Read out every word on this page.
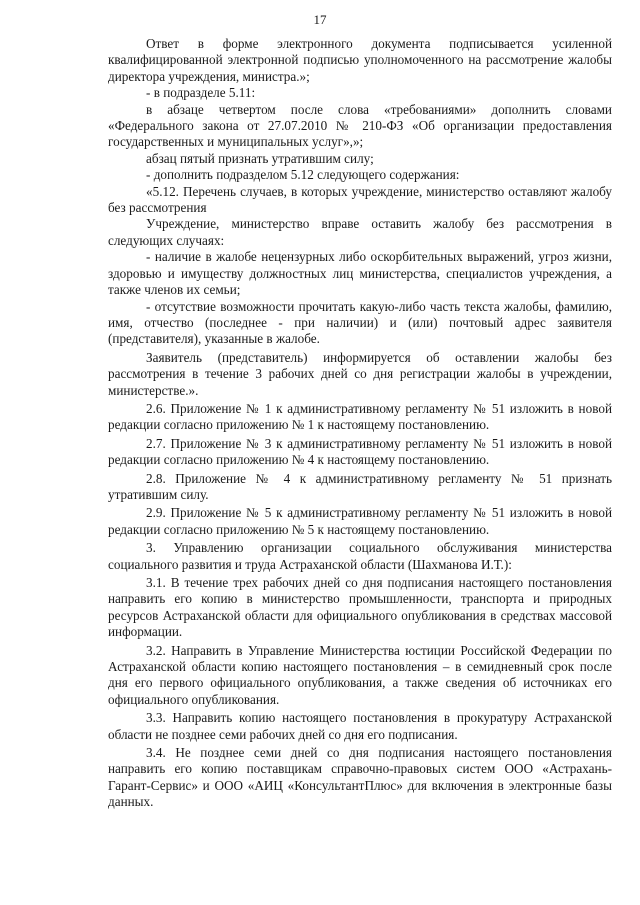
17

Ответ в форме электронного документа подписывается усиленной квалифицированной электронной подписью уполномоченного на рассмотрение жалобы директора учреждения, министра.»;

- в подразделе 5.11:

в абзаце четвертом после слова «требованиями» дополнить словами «Федерального закона от 27.07.2010 № 210-ФЗ «Об организации предоставления государственных и муниципальных услуг»,»;

абзац пятый признать утратившим силу;

- дополнить подразделом 5.12 следующего содержания:

«5.12. Перечень случаев, в которых учреждение, министерство оставляют жалобу без рассмотрения

Учреждение, министерство вправе оставить жалобу без рассмотрения в следующих случаях:

- наличие в жалобе нецензурных либо оскорбительных выражений, угроз жизни, здоровью и имуществу должностных лиц министерства, специалистов учреждения, а также членов их семьи;

- отсутствие возможности прочитать какую-либо часть текста жалобы, фамилию, имя, отчество (последнее - при наличии) и (или) почтовый адрес заявителя (представителя), указанные в жалобе.

Заявитель (представитель) информируется об оставлении жалобы без рассмотрения в течение 3 рабочих дней со дня регистрации жалобы в учреждении, министерстве.».

2.6. Приложение № 1 к административному регламенту № 51 изложить в новой редакции согласно приложению № 1 к настоящему постановлению.

2.7. Приложение № 3 к административному регламенту № 51 изложить в новой редакции согласно приложению № 4 к настоящему постановлению.

2.8. Приложение № 4 к административному регламенту № 51 признать утратившим силу.

2.9. Приложение № 5 к административному регламенту № 51 изложить в новой редакции согласно приложению № 5 к настоящему постановлению.

3. Управлению организации социального обслуживания министерства социального развития и труда Астраханской области (Шахманова И.Т.):

3.1. В течение трех рабочих дней со дня подписания настоящего постановления направить его копию в министерство промышленности, транспорта и природных ресурсов Астраханской области для официального опубликования в средствах массовой информации.

3.2. Направить в Управление Министерства юстиции Российской Федерации по Астраханской области копию настоящего постановления – в семидневный срок после дня его первого официального опубликования, а также сведения об источниках его официального опубликования.

3.3. Направить копию настоящего постановления в прокуратуру Астраханской области не позднее семи рабочих дней со дня его подписания.

3.4. Не позднее семи дней со дня подписания настоящего постановления направить его копию поставщикам справочно-правовых систем ООО «Астрахань-Гарант-Сервис» и ООО «АИЦ «КонсультантПлюс» для включения в электронные базы данных.
